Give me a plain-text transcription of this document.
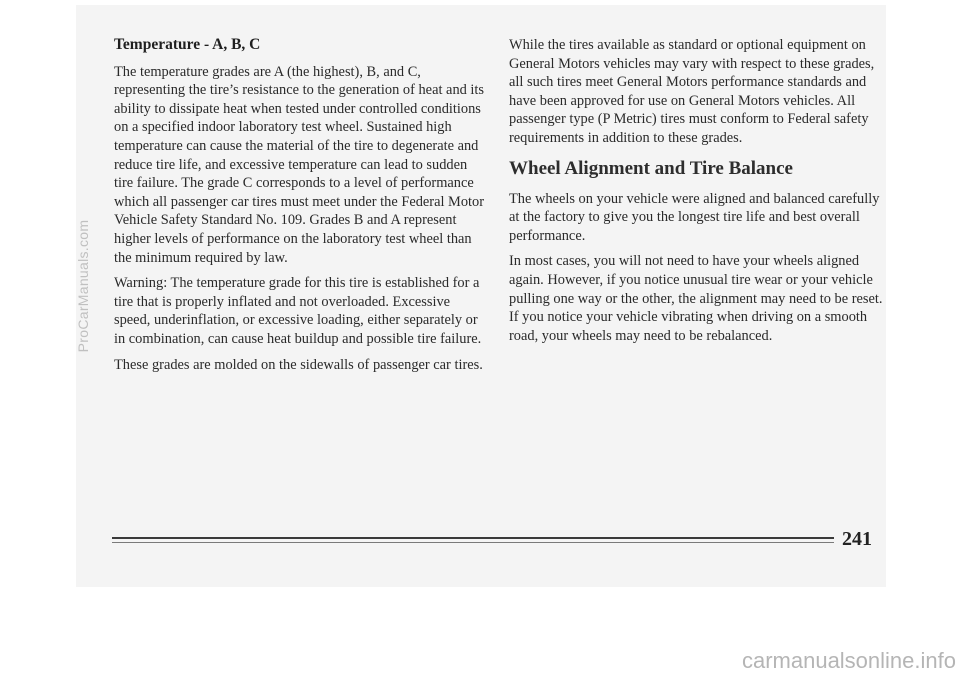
ProCarManuals.com
Temperature - A, B, C

The temperature grades are A (the highest), B, and C, representing the tire’s resistance to the generation of heat and its ability to dissipate heat when tested under controlled conditions on a specified indoor laboratory test wheel. Sustained high temperature can cause the material of the tire to degenerate and reduce tire life, and excessive temperature can lead to sudden tire failure. The grade C corresponds to a level of performance which all passenger car tires must meet under the Federal Motor Vehicle Safety Standard No. 109. Grades B and A represent higher levels of performance on the laboratory test wheel than the minimum required by law.

Warning: The temperature grade for this tire is established for a tire that is properly inflated and not overloaded. Excessive speed, underinflation, or excessive loading, either separately or in combination, can cause heat buildup and possible tire failure.

These grades are molded on the sidewalls of passenger car tires.

While the tires available as standard or optional equipment on General Motors vehicles may vary with respect to these grades, all such tires meet General Motors performance standards and have been approved for use on General Motors vehicles. All passenger type (P Metric) tires must conform to Federal safety requirements in addition to these grades.

Wheel Alignment and Tire Balance

The wheels on your vehicle were aligned and balanced carefully at the factory to give you the longest tire life and best overall performance.

In most cases, you will not need to have your wheels aligned again. However, if you notice unusual tire wear or your vehicle pulling one way or the other, the alignment may need to be reset. If you notice your vehicle vibrating when driving on a smooth road, your wheels may need to be rebalanced.

241
carmanualsonline.info
